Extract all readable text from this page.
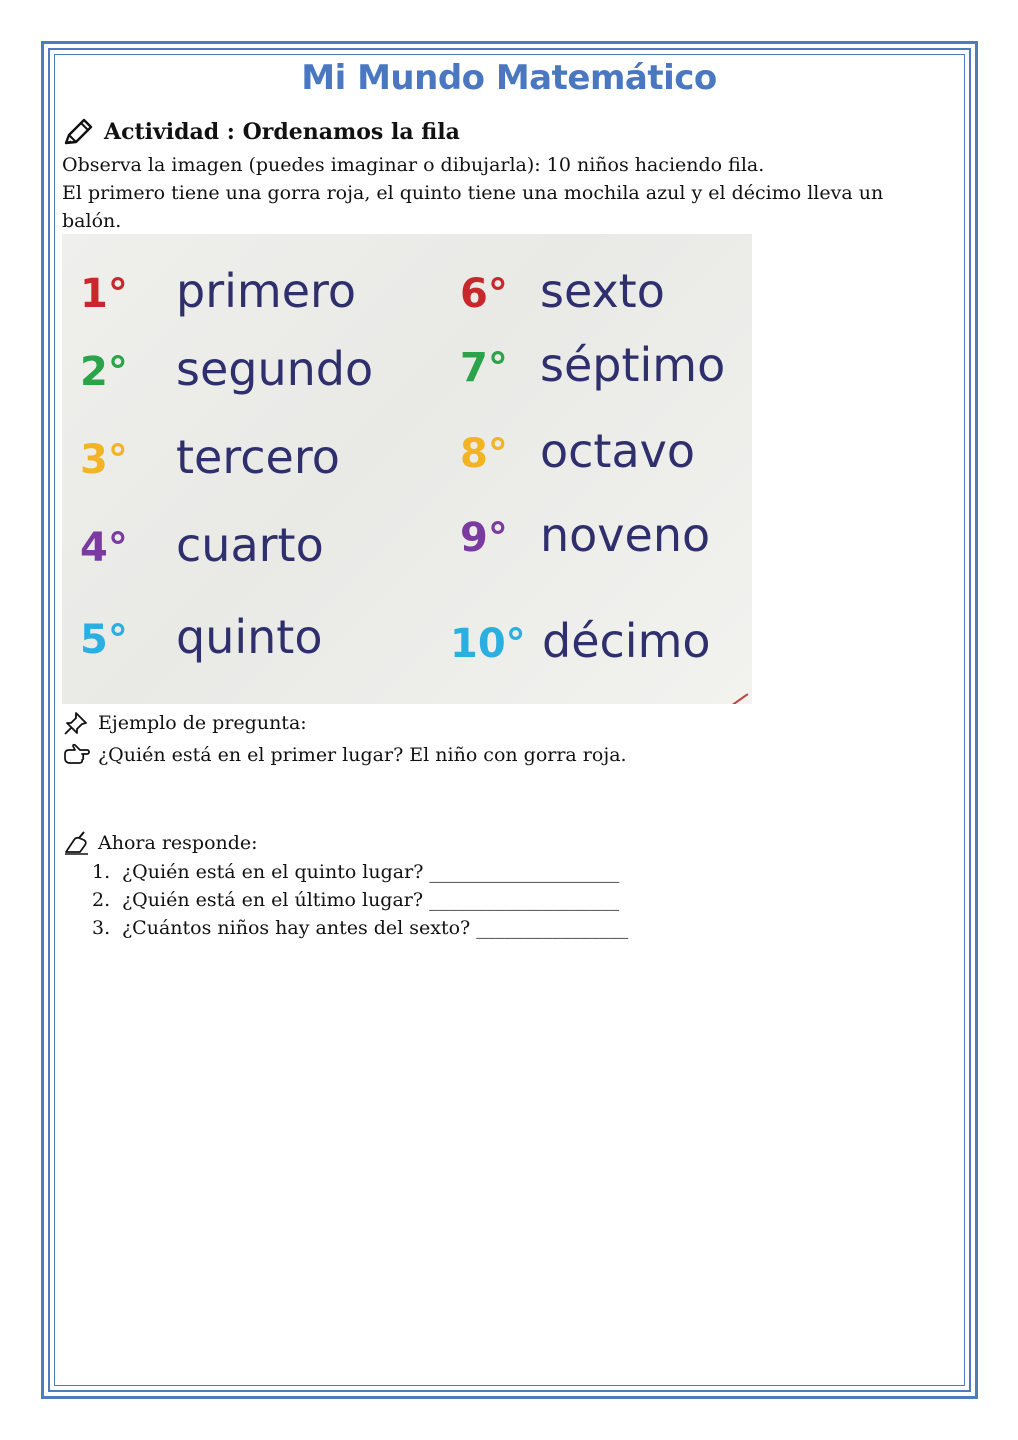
Mi Mundo Matemático
Actividad : Ordenamos la fila
Observa la imagen (puedes imaginar o dibujarla): 10 niños haciendo fila.
El primero tiene una gorra roja, el quinto tiene una mochila azul y el décimo lleva un balón.
1°	primero
2°	segundo
3°	tercero
4°	cuarto
5°	quinto
6° sexto
7° séptimo
8° octavo
9° noveno
10° décimo
Ejemplo de pregunta:
¿Quién está en el primer lugar? El niño con gorra roja.
Ahora responde:
1. ¿Quién está en el quinto lugar? ____________________
2. ¿Quién está en el último lugar? ____________________
3. ¿Cuántos niños hay antes del sexto? ________________
